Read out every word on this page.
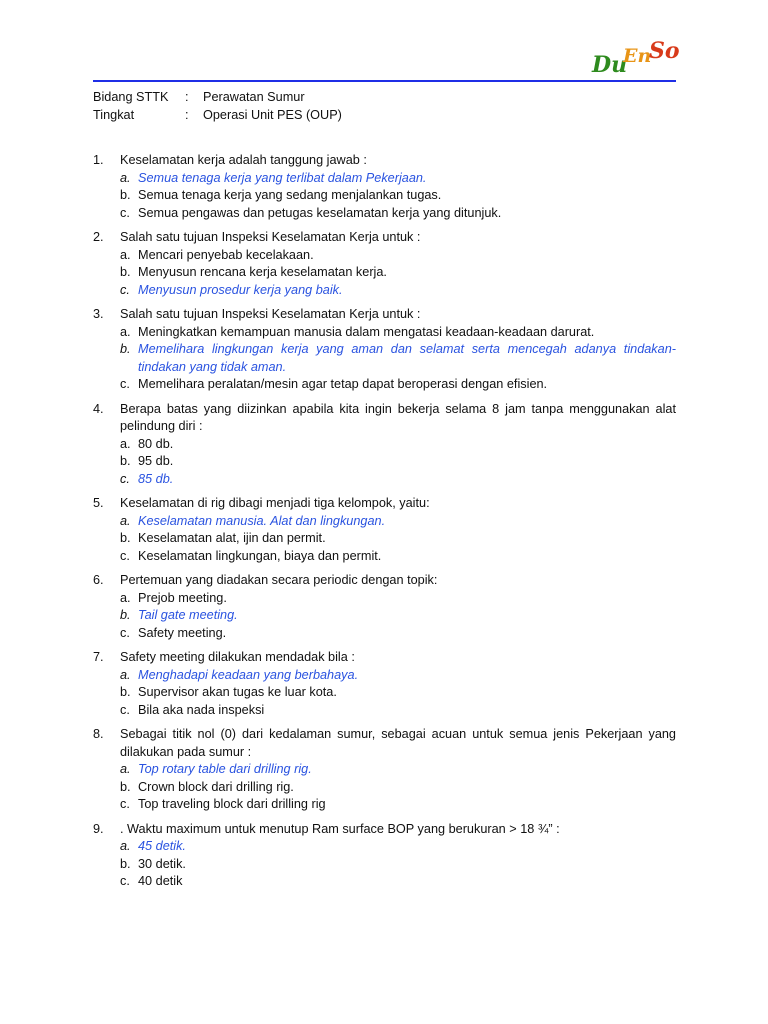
Du
En
So
Bidang STTK	:	Perawatan Sumur
Tingkat	:	Operasi Unit PES (OUP)
1.	Keselamatan kerja adalah tanggung jawab :
a. Semua tenaga kerja yang terlibat dalam Pekerjaan.
b. Semua tenaga kerja yang sedang menjalankan tugas.
c. Semua pengawas dan petugas keselamatan kerja yang ditunjuk.
2.	Salah satu tujuan Inspeksi Keselamatan Kerja untuk :
a. Mencari penyebab kecelakaan.
b. Menyusun rencana kerja keselamatan kerja.
c. Menyusun prosedur kerja yang baik.
3.	Salah satu tujuan Inspeksi Keselamatan Kerja untuk :
a. Meningkatkan kemampuan manusia dalam mengatasi keadaan-keadaan darurat.
b. Memelihara lingkungan kerja yang aman dan selamat serta mencegah adanya tindakan-tindakan yang tidak aman.
c. Memelihara peralatan/mesin agar tetap dapat beroperasi dengan efisien.
4.	Berapa batas yang diizinkan apabila kita ingin bekerja selama 8 jam tanpa menggunakan alat pelindung diri :
a. 80 db.
b. 95 db.
c. 85 db.
5.	Keselamatan di rig dibagi menjadi tiga kelompok, yaitu:
a. Keselamatan manusia. Alat dan lingkungan.
b. Keselamatan alat, ijin dan permit.
c. Keselamatan lingkungan, biaya dan permit.
6.	Pertemuan yang diadakan secara periodic dengan topik:
a. Prejob meeting.
b. Tail gate meeting.
c. Safety meeting.
7.	Safety meeting dilakukan mendadak bila :
a. Menghadapi keadaan yang berbahaya.
b. Supervisor akan tugas ke luar kota.
c. Bila aka nada inspeksi
8.	Sebagai titik nol (0) dari kedalaman sumur, sebagai acuan untuk semua jenis Pekerjaan yang dilakukan pada sumur :
a. Top rotary table dari drilling rig.
b. Crown block dari drilling rig.
c. Top traveling block dari drilling rig
9.	. Waktu maximum untuk menutup Ram surface BOP yang berukuran > 18 ¾” :
a. 45 detik.
b. 30 detik.
c. 40 detik
